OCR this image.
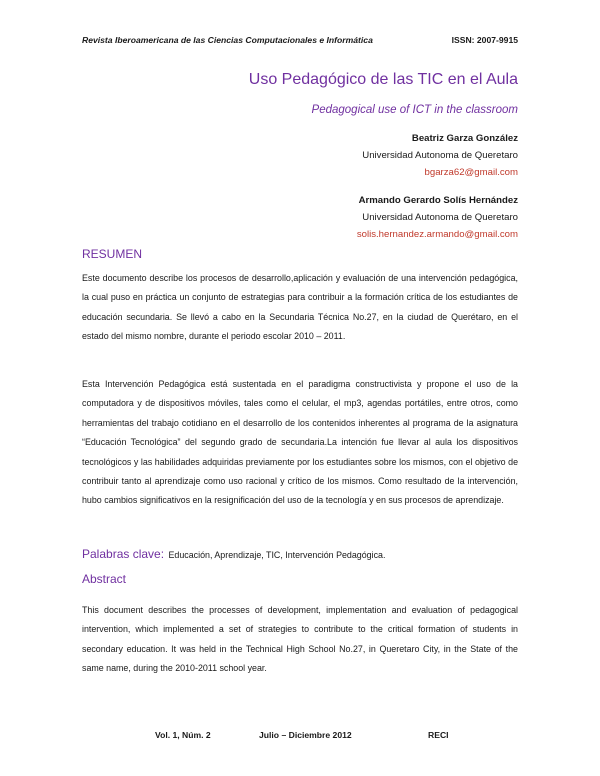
Revista Iberoamericana de las Ciencias Computacionales e Informática	ISSN: 2007-9915
Uso Pedagógico de las TIC en el Aula
Pedagogical use of ICT in the classroom
Beatriz Garza González
Universidad Autonoma de Queretaro
bgarza62@gmail.com
Armando Gerardo Solís Hernández
Universidad Autonoma de Queretaro
solis.hernandez.armando@gmail.com
RESUMEN

Este documento describe los procesos de desarrollo,aplicación y evaluación de una intervención pedagógica, la cual puso en práctica un conjunto de estrategias para contribuir a la formación crítica de los estudiantes de educación secundaria. Se llevó a cabo en la Secundaria Técnica No.27, en la ciudad de Querétaro, en el estado del mismo nombre, durante el periodo escolar 2010 – 2011.

Esta Intervención Pedagógica está sustentada en el paradigma constructivista y propone el uso de la computadora y de dispositivos móviles, tales como el celular, el mp3, agendas portátiles, entre otros, como herramientas del trabajo cotidiano en el desarrollo de los contenidos inherentes al programa de la asignatura “Educación Tecnológica” del segundo grado de secundaria.La intención fue llevar al aula los dispositivos tecnológicos y las habilidades adquiridas previamente por los estudiantes sobre los mismos, con el objetivo de contribuir tanto al aprendizaje como uso racional y crítico de los mismos. Como resultado de la intervención, hubo cambios significativos en la resignificación del uso de la tecnología y en sus procesos de aprendizaje.

Palabras clave: Educación, Aprendizaje, TIC, Intervención Pedagógica.
Abstract

This document describes the processes of development, implementation and evaluation of pedagogical intervention, which implemented a set of strategies to contribute to the critical formation of students in secondary education. It was held in the Technical High School No.27, in Queretaro City, in the State of the same name, during the 2010-2011 school year.

Vol. 1, Núm. 2	Julio – Diciembre 2012	RECI
